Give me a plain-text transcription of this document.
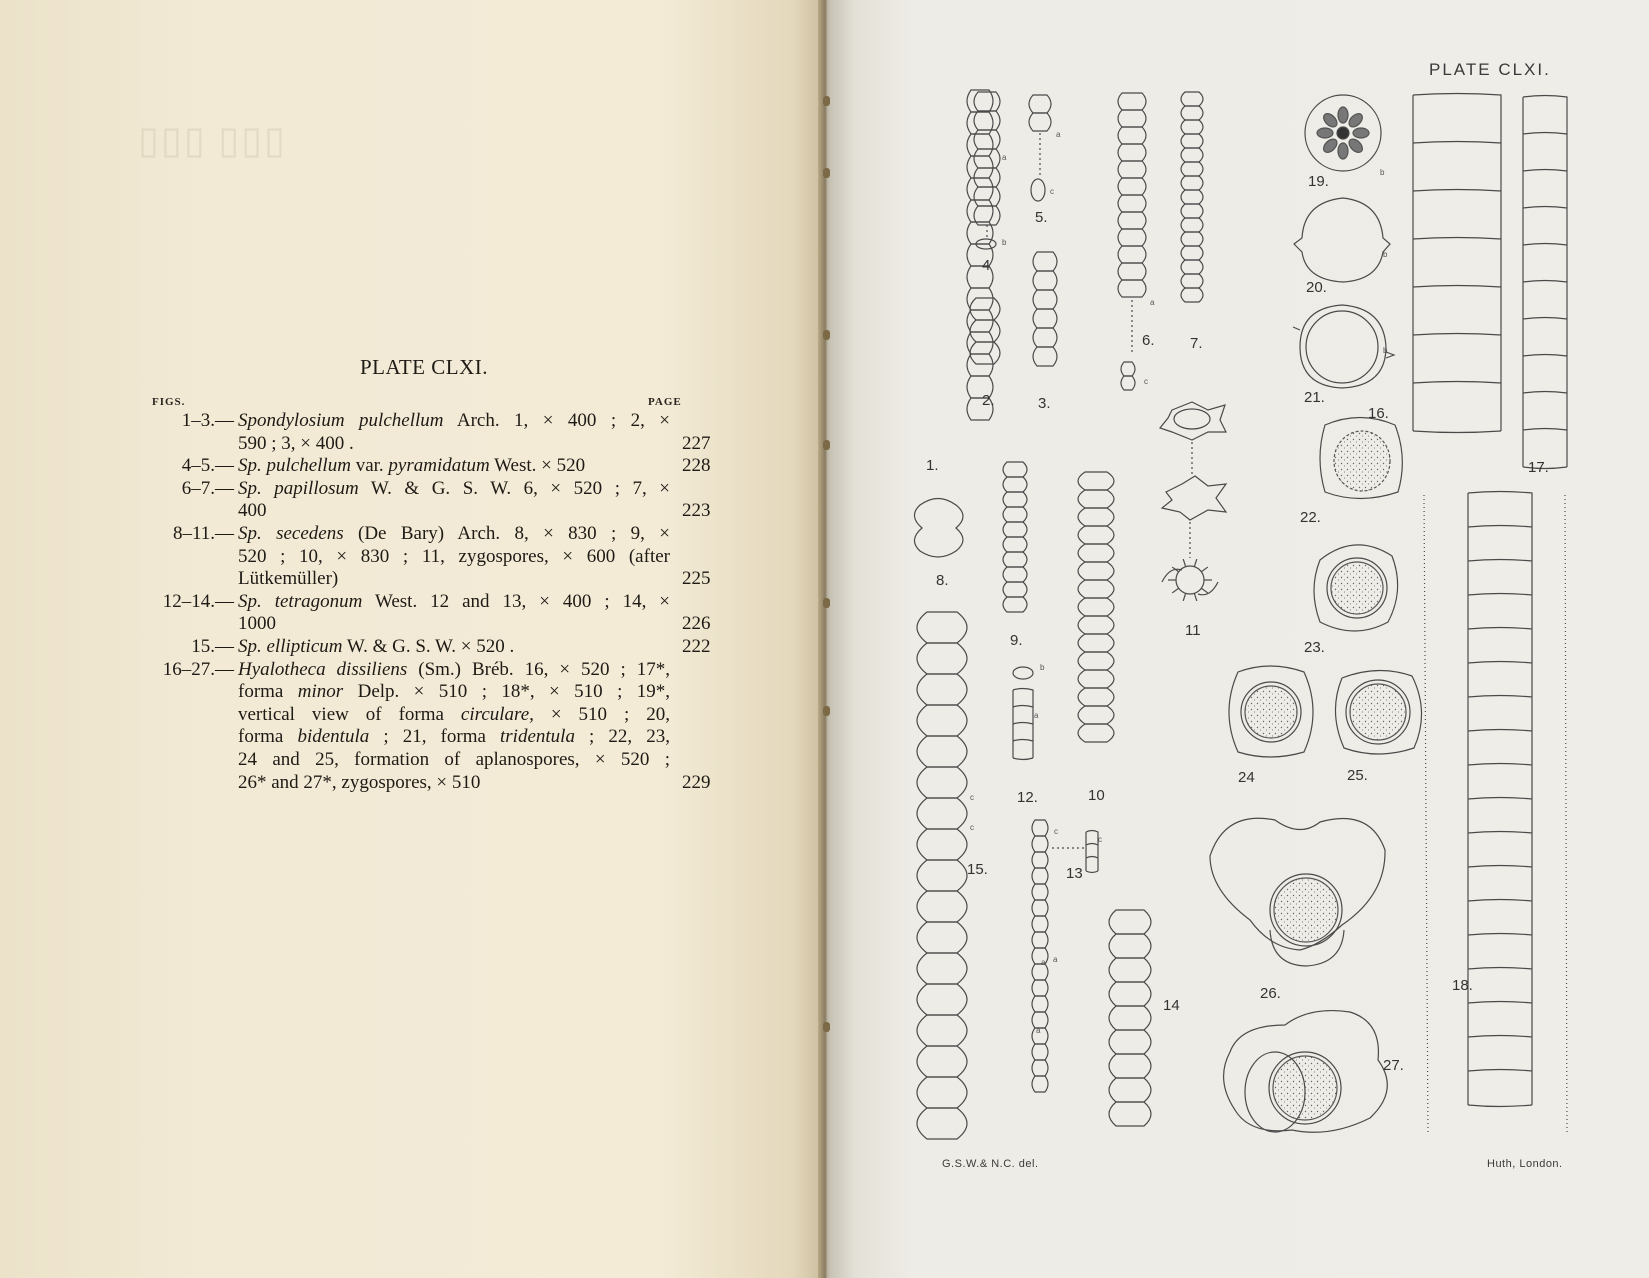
▯▯▯ ▯▯▯
PLATE CLXI.
FIGS.	PAGE
1–3.— Spondylosium pulchellum Arch. 1, × 400 ; 2, ×
590 ; 3, × 400 .	227
4–5.— Sp. pulchellum var. pyramidatum West. × 520	228
6–7.— Sp. papillosum W. & G. S. W. 6, × 520 ; 7, ×
400	223
8–11.— Sp. secedens (De Bary) Arch. 8, × 830 ; 9, ×
520 ; 10, × 830 ; 11, zygospores, × 600 (after
Lütkemüller)	225
12–14.— Sp. tetragonum West. 12 and 13, × 400 ; 14, ×
1000	226
15.— Sp. ellipticum W. & G. S. W. × 520 .	222
16–27.— Hyalotheca dissiliens (Sm.) Bréb. 16, × 520 ; 17*,
forma minor Delp. × 510 ; 18*, × 510 ; 19*,
vertical view of forma circulare, × 510 ; 20,
forma bidentula ; 21, forma tridentula ; 22, 23,
24 and 25, formation of aplanospores, × 520 ;
26* and 27*, zygospores, × 510	229
1.
2.	3.
4
5.
6. 7.
8.
9.
10
11
12.
13
14
15.
16.
17.
18.
19.
20.
21.
22.
23.
24	25.
26.
27.
a
b
a
c
a
c
b
b
b
b
a
c
c
a
c
c
a
a
PLATE CLXI.
G.S.W.& N.C. del.	Huth, London.
